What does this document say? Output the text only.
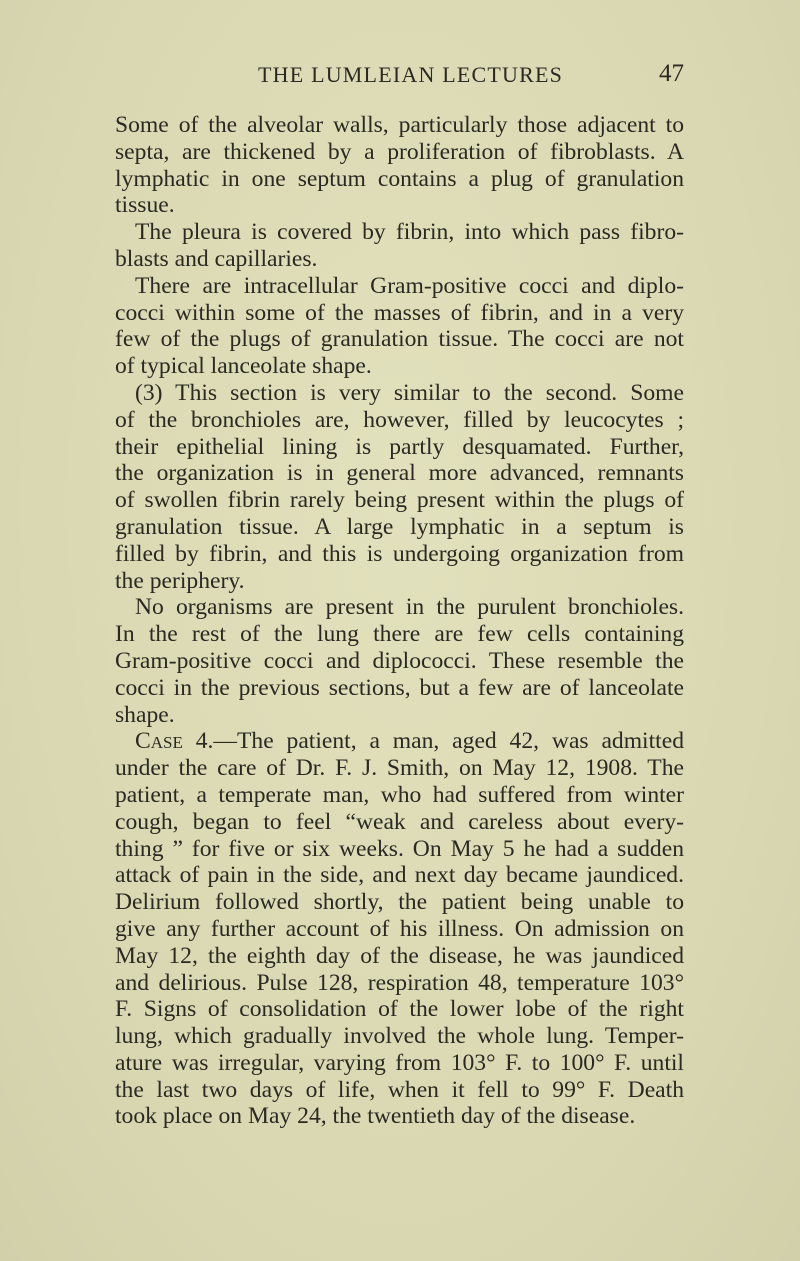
THE LUMLEIAN LECTURES	47
Some of the alveolar walls, particularly those adjacent to
septa, are thickened by a proliferation of fibroblasts. A
lymphatic in one septum contains a plug of granulation
tissue.
The pleura is covered by fibrin, into which pass fibro-
blasts and capillaries.
There are intracellular Gram-positive cocci and diplo-
cocci within some of the masses of fibrin, and in a very
few of the plugs of granulation tissue. The cocci are not
of typical lanceolate shape.
(3) This section is very similar to the second. Some
of the bronchioles are, however, filled by leucocytes ;
their epithelial lining is partly desquamated. Further,
the organization is in general more advanced, remnants
of swollen fibrin rarely being present within the plugs of
granulation tissue. A large lymphatic in a septum is
filled by fibrin, and this is undergoing organization from
the periphery.
No organisms are present in the purulent bronchioles.
In the rest of the lung there are few cells containing
Gram-positive cocci and diplococci. These resemble the
cocci in the previous sections, but a few are of lanceolate
shape.
Case 4.—The patient, a man, aged 42, was admitted
under the care of Dr. F. J. Smith, on May 12, 1908. The
patient, a temperate man, who had suffered from winter
cough, began to feel “weak and careless about every-
thing ” for five or six weeks. On May 5 he had a sudden
attack of pain in the side, and next day became jaundiced.
Delirium followed shortly, the patient being unable to
give any further account of his illness. On admission on
May 12, the eighth day of the disease, he was jaundiced
and delirious. Pulse 128, respiration 48, temperature 103°
F. Signs of consolidation of the lower lobe of the right
lung, which gradually involved the whole lung. Temper-
ature was irregular, varying from 103° F. to 100° F. until
the last two days of life, when it fell to 99° F. Death
took place on May 24, the twentieth day of the disease.
